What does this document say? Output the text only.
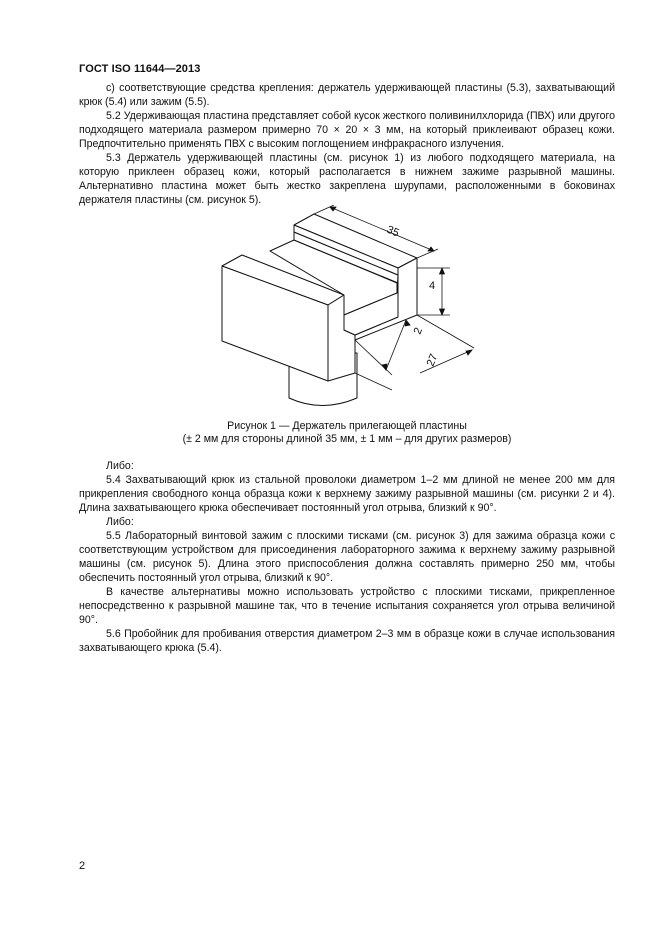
ГОСТ ISO 11644—2013

с) соответствующие средства крепления: держатель удерживающей пластины (5.3), захватывающий крюк (5.4) или зажим (5.5).

5.2 Удерживающая пластина представляет собой кусок жесткого поливинилхлорида (ПВХ) или другого подходящего материала размером примерно 70 × 20 × 3 мм, на который приклеивают образец кожи. Предпочтительно применять ПВХ с высоким поглощением инфракрасного излучения.

5.3 Держатель удерживающей пластины (см. рисунок 1) из любого подходящего материала, на которую приклеен образец кожи, который располагается в нижнем зажиме разрывной машины. Альтернативно пластина может быть жестко закреплена шурупами, расположенными в боковинах держателя пластины (см. рисунок 5).

35
4
2
27
Рисунок 1 — Держатель прилегающей пластины
(± 2 мм для стороны длиной 35 мм, ± 1 мм – для других размеров)

Либо:

5.4 Захватывающий крюк из стальной проволоки диаметром 1–2 мм длиной не менее 200 мм для прикрепления свободного конца образца кожи к верхнему зажиму разрывной машины (см. рисунки 2 и 4). Длина захватывающего крюка обеспечивает постоянный угол отрыва, близкий к 90°.

Либо:

5.5 Лабораторный винтовой зажим с плоскими тисками (см. рисунок 3) для зажима образца кожи с соответствующим устройством для присоединения лабораторного зажима к верхнему зажиму разрывной машины (см. рисунок 5). Длина этого приспособления должна составлять примерно 250 мм, чтобы обеспечить постоянный угол отрыва, близкий к 90°.

В качестве альтернативы можно использовать устройство с плоскими тисками, прикрепленное непосредственно к разрывной машине так, что в течение испытания сохраняется угол отрыва величиной 90°.

5.6 Пробойник для пробивания отверстия диаметром 2–3 мм в образце кожи в случае использования захватывающего крюка (5.4).

2
